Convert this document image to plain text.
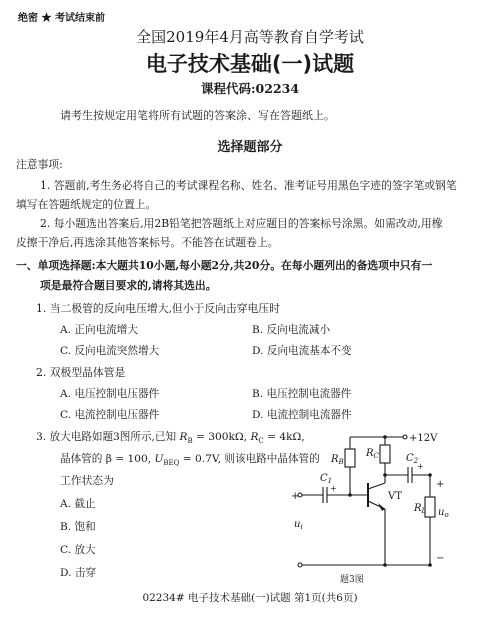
绝密 ★ 考试结束前
全国2019年4月高等教育自学考试
电子技术基础(一)试题
课程代码:02234
请考生按规定用笔将所有试题的答案涂、写在答题纸上。
选择题部分
注意事项:
1. 答题前,考生务必将自己的考试课程名称、姓名、准考证号用黑色字迹的签字笔或钢笔
填写在答题纸规定的位置上。
2. 每小题选出答案后,用2B铅笔把答题纸上对应题目的答案标号涂黑。如需改动,用橡
皮擦干净后,再选涂其他答案标号。不能答在试题卷上。
一、单项选择题:本大题共10小题,每小题2分,共20分。在每小题列出的备选项中只有一
项是最符合题目要求的,请将其选出。
1. 当二极管的反向电压增大,但小于反向击穿电压时
A. 正向电流增大	B. 反向电流减小
C. 反向电流突然增大	D. 反向电流基本不变
2. 双极型晶体管是
A. 电压控制电压器件	B. 电压控制电流器件
C. 电流控制电压器件	D. 电流控制电流器件
3. 放大电路如题3图所示,已知 $R_B = 300k\Omega$, $R_C = 4k\Omega$,
晶体管的 β = 100, $U_{BEQ} = 0.7V$, 则该电路中晶体管的
工作状态为
A. 截止
B. 饱和
C. 放大
D. 击穿
+12V
$R_B$
$R_C$
$C_1$
$C_2$
VT
$R_L$
$u_i$
$u_o$
+
+
+
+
−
题3图
02234# 电子技术基础(一)试题 第1页(共6页)
